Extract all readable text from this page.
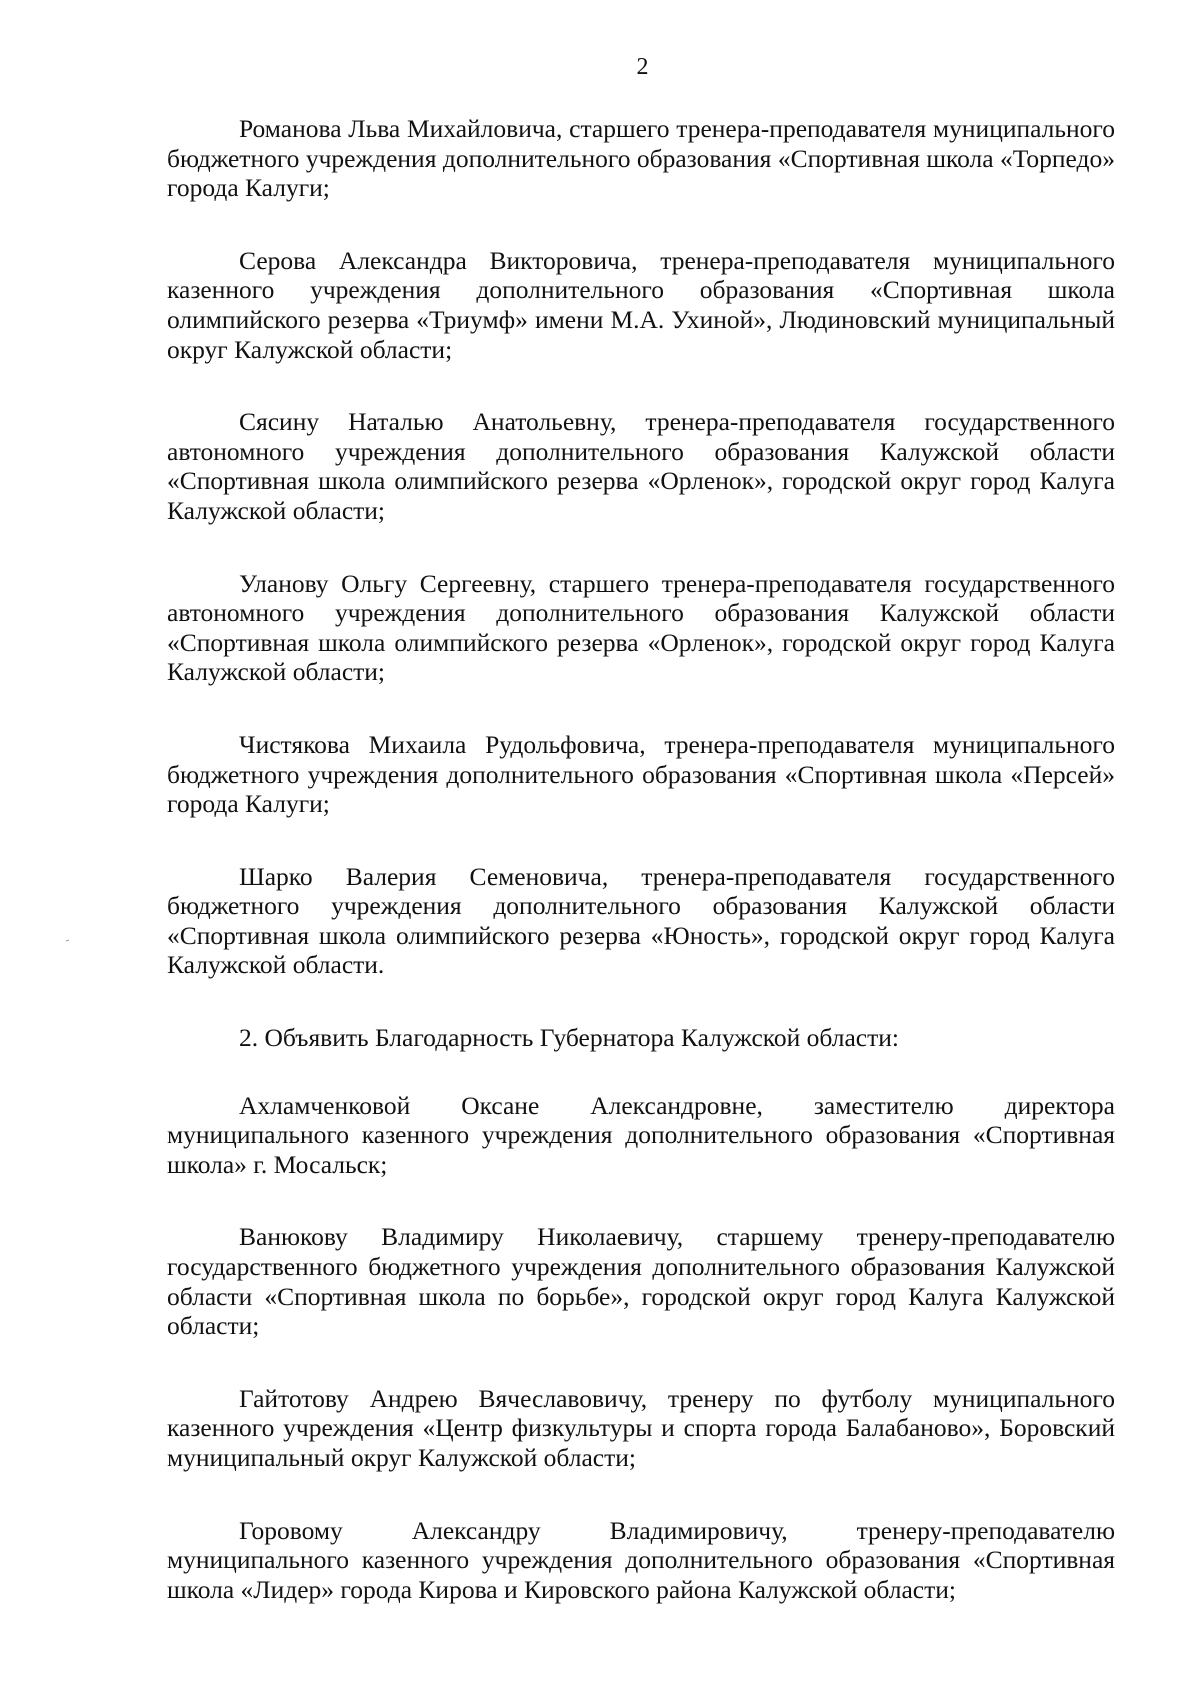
2

Романова Льва Михайловича, старшего тренера-преподавателя муниципального бюджетного учреждения дополнительного образования «Спортивная школа «Торпедо» города Калуги;

Серова Александра Викторовича, тренера-преподавателя муниципального казенного учреждения дополнительного образования «Спортивная школа олимпийского резерва «Триумф» имени М.А. Ухиной», Людиновский муниципальный округ Калужской области;

Сясину Наталью Анатольевну, тренера-преподавателя государственного автономного учреждения дополнительного образования Калужской области «Спортивная школа олимпийского резерва «Орленок», городской округ город Калуга Калужской области;

Уланову Ольгу Сергеевну, старшего тренера-преподавателя государственного автономного учреждения дополнительного образования Калужской области «Спортивная школа олимпийского резерва «Орленок», городской округ город Калуга Калужской области;

Чистякова Михаила Рудольфовича, тренера-преподавателя муниципального бюджетного учреждения дополнительного образования «Спортивная школа «Персей» города Калуги;

Шарко Валерия Семеновича, тренера-преподавателя государственного бюджетного учреждения дополнительного образования Калужской области «Спортивная школа олимпийского резерва «Юность», городской округ город Калуга Калужской области.

2. Объявить Благодарность Губернатора Калужской области:

Ахламченковой Оксане Александровне, заместителю директора муниципального казенного учреждения дополнительного образования «Спортивная школа» г. Мосальск;

Ванюкову Владимиру Николаевичу, старшему тренеру-преподавателю государственного бюджетного учреждения дополнительного образования Калужской области «Спортивная школа по борьбе», городской округ город Калуга Калужской области;

Гайтотову Андрею Вячеславовичу, тренеру по футболу муниципального казенного учреждения «Центр физкультуры и спорта города Балабаново», Боровский муниципальный округ Калужской области;

Горовому Александру Владимировичу, тренеру-преподавателю муниципального казенного учреждения дополнительного образования «Спортивная школа «Лидер» города Кирова и Кировского района Калужской области;
